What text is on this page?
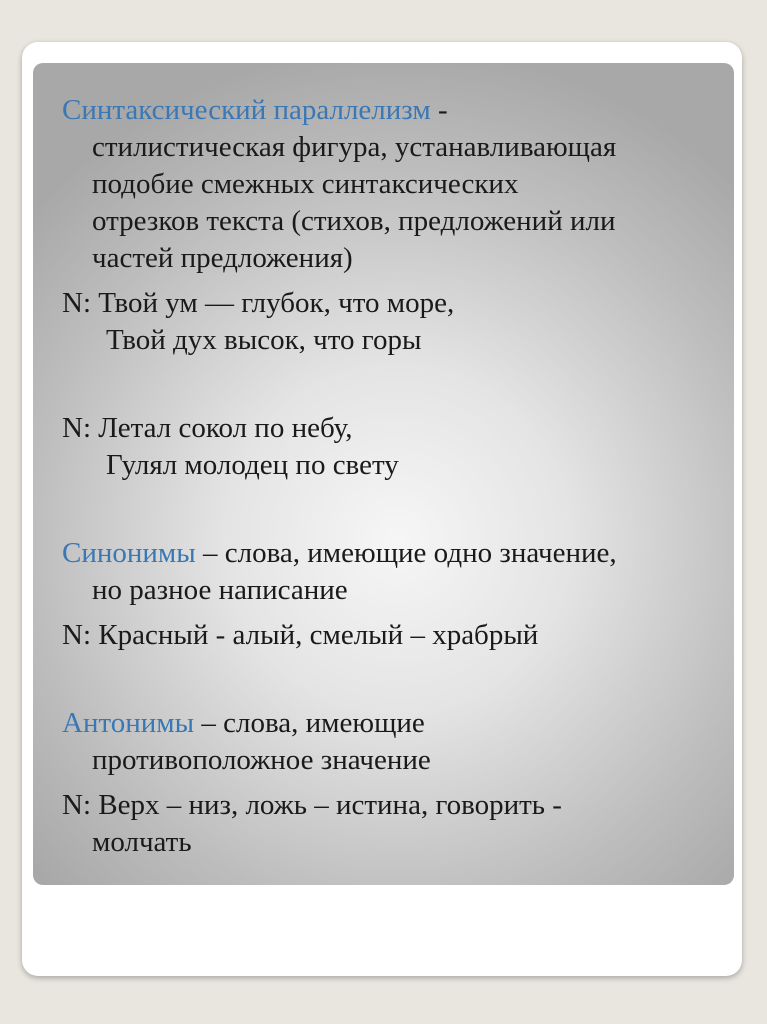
Синтаксический параллелизм -

стилистическая фигура, устанавливающая

подобие смежных синтаксических

отрезков текста (стихов, предложений или

частей предложения)

N: Твой ум — глубок, что море,

Твой дух высок, что горы

N: Летал сокол по небу,

Гулял молодец по свету

Синонимы – слова, имеющие одно значение,

но разное написание

N: Красный - алый, смелый – храбрый

Антонимы – слова, имеющие

противоположное значение

N: Верх – низ, ложь – истина, говорить -

молчать
